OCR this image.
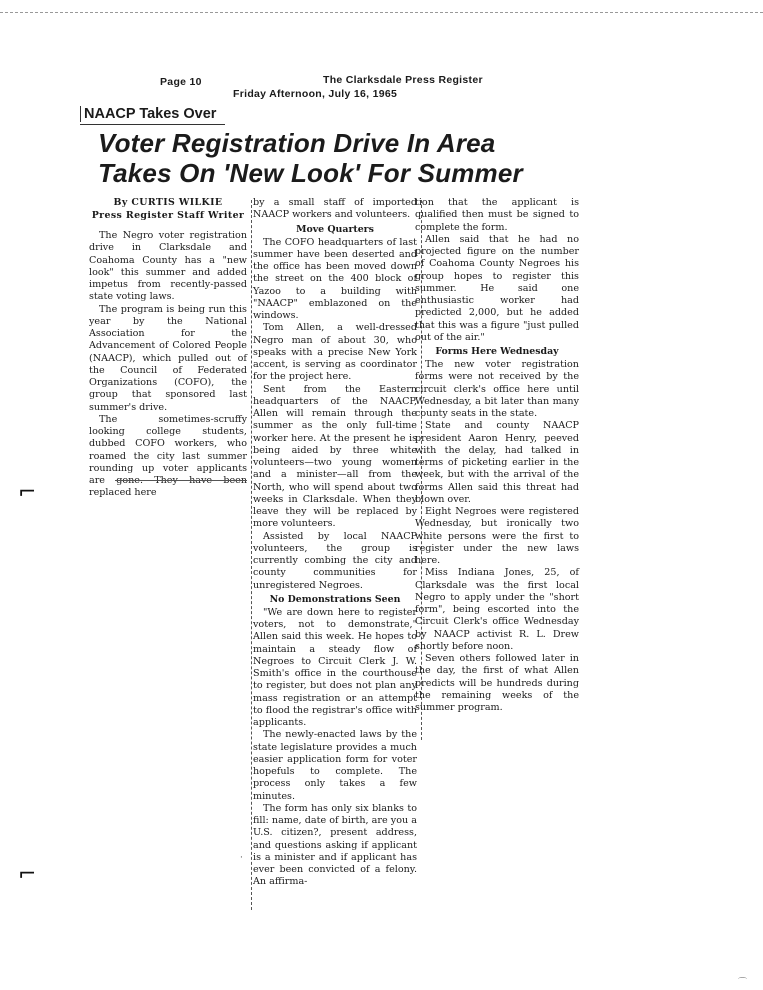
Page 10	The Clarksdale Press Register
Friday Afternoon, July 16, 1965
NAACP Takes Over
Voter Registration Drive In Area
Takes On 'New Look' For Summer
By CURTIS WILKIE
Press Register Staff Writer

The Negro voter registration drive in Clarksdale and Coahoma County has a "new look" this summer and added impetus from recently-passed state voting laws.

The program is being run this year by the National Association for the Advancement of Colored People (NAACP), which pulled out of the Council of Federated Organizations (COFO), the group that sponsored last summer's drive.

The sometimes-scruffy looking college students, dubbed COFO workers, who roamed the city last summer rounding up voter applicants are gone. They have been replaced here

by a small staff of imported NAACP workers and volunteers.

Move Quarters

The COFO headquarters of last summer have been deserted and the office has been moved down the street on the 400 block of Yazoo to a building with "NAACP" emblazoned on the windows.

Tom Allen, a well-dressed Negro man of about 30, who speaks with a precise New York accent, is serving as coordinator for the project here.

Sent from the Eastern headquarters of the NAACP, Allen will remain through the summer as the only full-time worker here. At the present he is being aided by three white volunteers—two young women and a minister—all from the North, who will spend about two weeks in Clarksdale. When they leave they will be replaced by more volunteers.

Assisted by local NAACP volunteers, the group is currently combing the city and county communities for unregistered Negroes.

No Demonstrations Seen

"We are down here to register voters, not to demonstrate," Allen said this week. He hopes to maintain a steady flow of Negroes to Circuit Clerk J. W. Smith's office in the courthouse to register, but does not plan any mass registration or an attempt to flood the registrar's office with applicants.

The newly-enacted laws by the state legislature provides a much easier application form for voter hopefuls to complete. The process only takes a few minutes.

The form has only six blanks to fill: name, date of birth, are you a U.S. citizen?, present address, and questions asking if applicant is a minister and if applicant has ever been convicted of a felony. An affirma-

tion that the applicant is qualified then must be signed to complete the form.

Allen said that he had no projected figure on the number of Coahoma County Negroes his group hopes to register this summer. He said one enthusiastic worker had predicted 2,000, but he added that this was a figure "just pulled out of the air."

Forms Here Wednesday

The new voter registration forms were not received by the circuit clerk's office here until Wednesday, a bit later than many county seats in the state.

State and county NAACP president Aaron Henry, peeved with the delay, had talked in terms of picketing earlier in the week, but with the arrival of the forms Allen said this threat had blown over.

Eight Negroes were registered Wednesday, but ironically two white persons were the first to register under the new laws here.

Miss Indiana Jones, 25, of Clarksdale was the first local Negro to apply under the "short form", being escorted into the Circuit Clerk's office Wednesday by NAACP activist R. L. Drew shortly before noon.

Seven others followed later in the day, the first of what Allen predicts will be hundreds during the remaining weeks of the summer program.

⌐
⌐
·
⌒
